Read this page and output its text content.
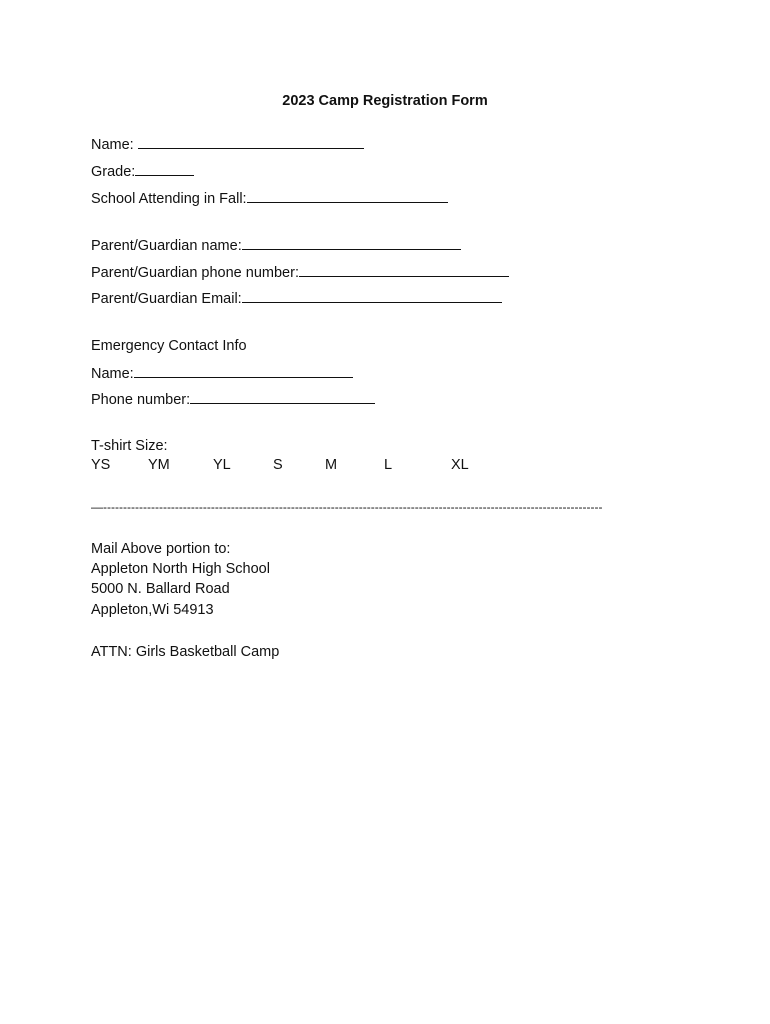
2023 Camp Registration Form
Name:
Grade:
School Attending in Fall:
Parent/Guardian name:
Parent/Guardian phone number:
Parent/Guardian Email:
Emergency Contact Info
Name:
Phone number:
T-shirt Size:
YS	YM	YL	S	M	L	XL
—-----------------------------------------------------------------------------------------------------------------------------
Mail Above portion to:
Appleton North High School
5000 N. Ballard Road
Appleton,Wi 54913
ATTN: Girls Basketball Camp
